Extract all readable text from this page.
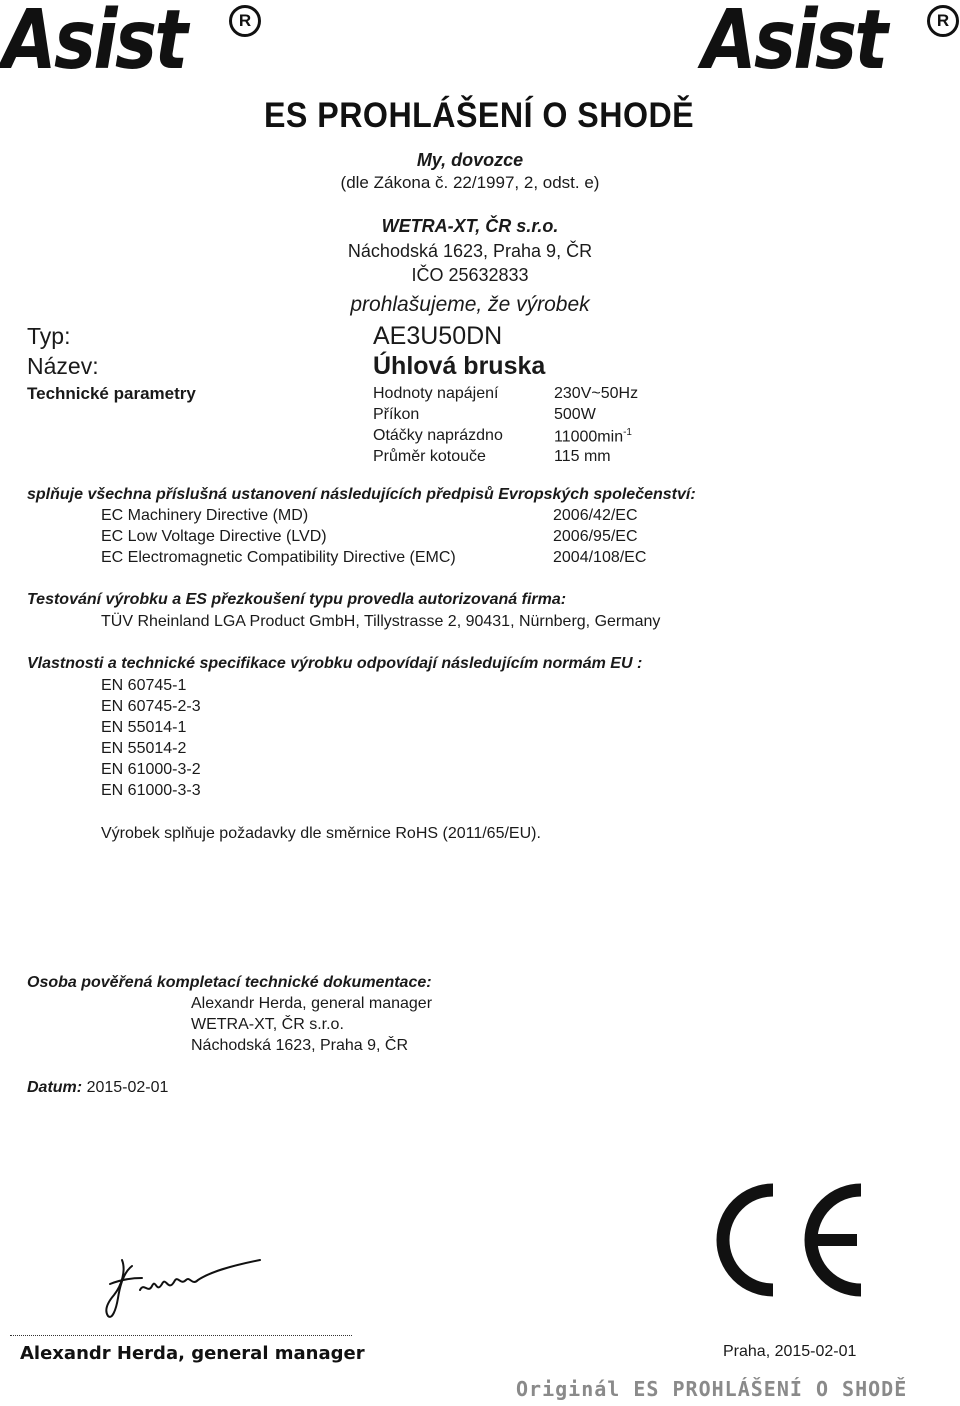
Asist	R	Asist	R
ES PROHLÁŠENÍ O SHODĚ
My, dovozce
(dle Zákona č. 22/1997, 2, odst. e)
WETRA-XT, ČR s.r.o.
Náchodská 1623, Praha 9, ČR
IČO 25632833
prohlašujeme, že výrobek
Typ:	AE3U50DN
Název:	Úhlová bruska
Technické parametry	Hodnoty napájení	230V~50Hz
Příkon	500W
Otáčky naprázdno	$11000\min^{-1}$
Průměr kotouče	115 mm
splňuje všechna příslušná ustanovení následujících předpisů Evropských společenství:
EC Machinery Directive (MD)	2006/42/EC
EC Low Voltage Directive (LVD)	2006/95/EC
EC Electromagnetic Compatibility Directive (EMC)	2004/108/EC
Testování výrobku a ES přezkoušení typu provedla autorizovaná firma:
TÜV Rheinland LGA Product GmbH, Tillystrasse 2, 90431, Nürnberg, Germany
Vlastnosti a technické specifikace výrobku odpovídají následujícím normám EU :
EN 60745-1
EN 60745-2-3
EN 55014-1
EN 55014-2
EN 61000-3-2
EN 61000-3-3
Výrobek splňuje požadavky dle směrnice RoHS (2011/65/EU).
Osoba pověřená kompletací technické dokumentace:
Alexandr Herda, general manager
WETRA-XT, ČR s.r.o.
Náchodská 1623, Praha 9, ČR
Datum: 2015-02-01
Alexandr Herda, general manager	Praha, 2015-02-01
Originál ES PROHLÁŠENÍ O SHODĚ
